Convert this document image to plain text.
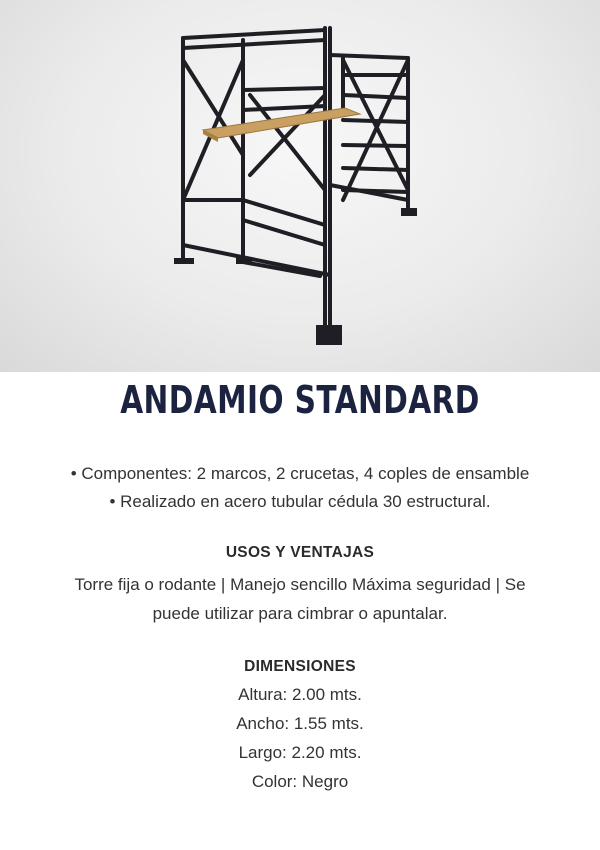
ANDAMIO STANDARD
• Componentes: 2 marcos, 2 crucetas, 4 coples de ensamble
• Realizado en acero tubular cédula 30 estructural.
USOS Y VENTAJAS
Torre fija o rodante | Manejo sencillo Máxima seguridad | Se
puede utilizar para cimbrar o apuntalar.
DIMENSIONES
Altura: 2.00 mts.
Ancho: 1.55 mts.
Largo: 2.20 mts.
Color: Negro
